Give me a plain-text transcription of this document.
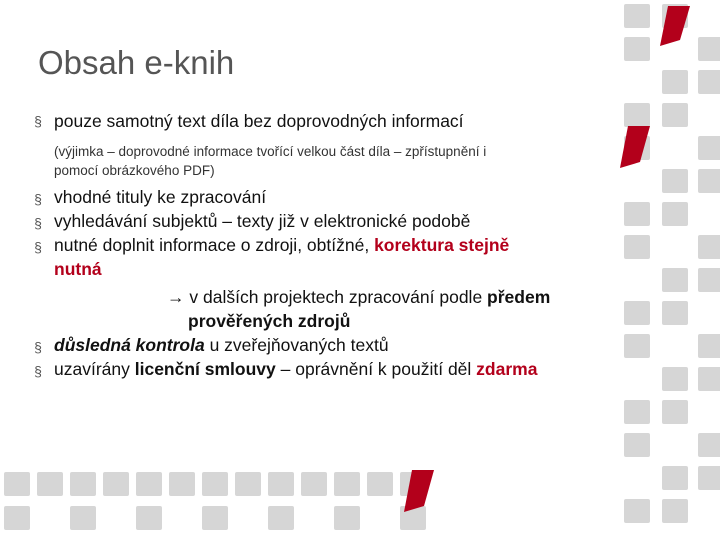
Obsah e-knih
§ pouze samotný text díla bez doprovodných informací
(výjimka – doprovodné informace tvořící velkou část díla – zpřístupnění i
pomocí obrázkového PDF)
§ vhodné tituly ke zpracování
§ vyhledávání subjektů – texty již v elektronické podobě
§ nutné doplnit informace o zdroji, obtížné, korektura stejně
nutná
→ v dalších projektech zpracování podle předem
prověřených zdrojů
§ důsledná kontrola u zveřejňovaných textů
§ uzavírány licenční smlouvy – oprávnění k použití děl zdarma
